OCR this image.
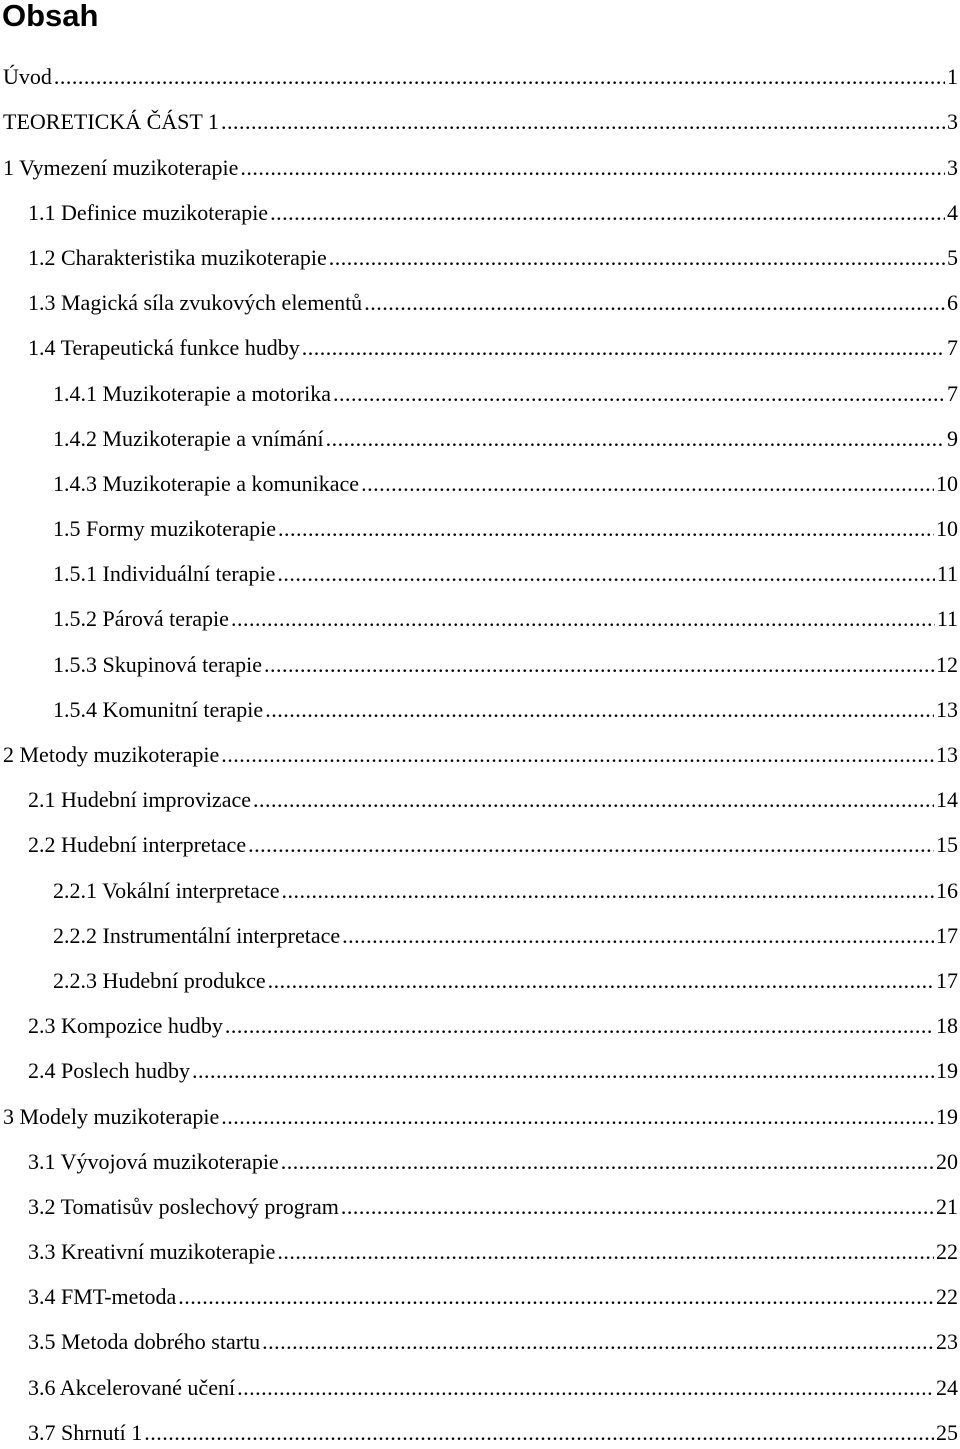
Obsah
Úvod .....	1
TEORETICKÁ ČÁST 1 .....	3
1 Vymezení muzikoterapie .....	3
1.1 Definice muzikoterapie .....	4
1.2 Charakteristika muzikoterapie .....	5
1.3 Magická síla zvukových elementů .....	6
1.4 Terapeutická funkce hudby .....	7
1.4.1 Muzikoterapie a motorika .....	7
1.4.2 Muzikoterapie a vnímání .....	9
1.4.3 Muzikoterapie a komunikace .....	10
1.5 Formy muzikoterapie .....	10
1.5.1 Individuální terapie .....	11
1.5.2 Párová terapie .....	11
1.5.3 Skupinová terapie .....	12
1.5.4 Komunitní terapie .....	13
2 Metody muzikoterapie .....	13
2.1 Hudební improvizace .....	14
2.2 Hudební interpretace .....	15
2.2.1 Vokální interpretace .....	16
2.2.2 Instrumentální interpretace .....	17
2.2.3 Hudební produkce .....	17
2.3 Kompozice hudby .....	18
2.4 Poslech hudby .....	19
3 Modely muzikoterapie .....	19
3.1 Vývojová muzikoterapie .....	20
3.2 Tomatisův poslechový program .....	21
3.3 Kreativní muzikoterapie .....	22
3.4 FMT-metoda .....	22
3.5 Metoda dobrého startu .....	23
3.6 Akcelerované učení .....	24
3.7 Shrnutí 1 .....	25
